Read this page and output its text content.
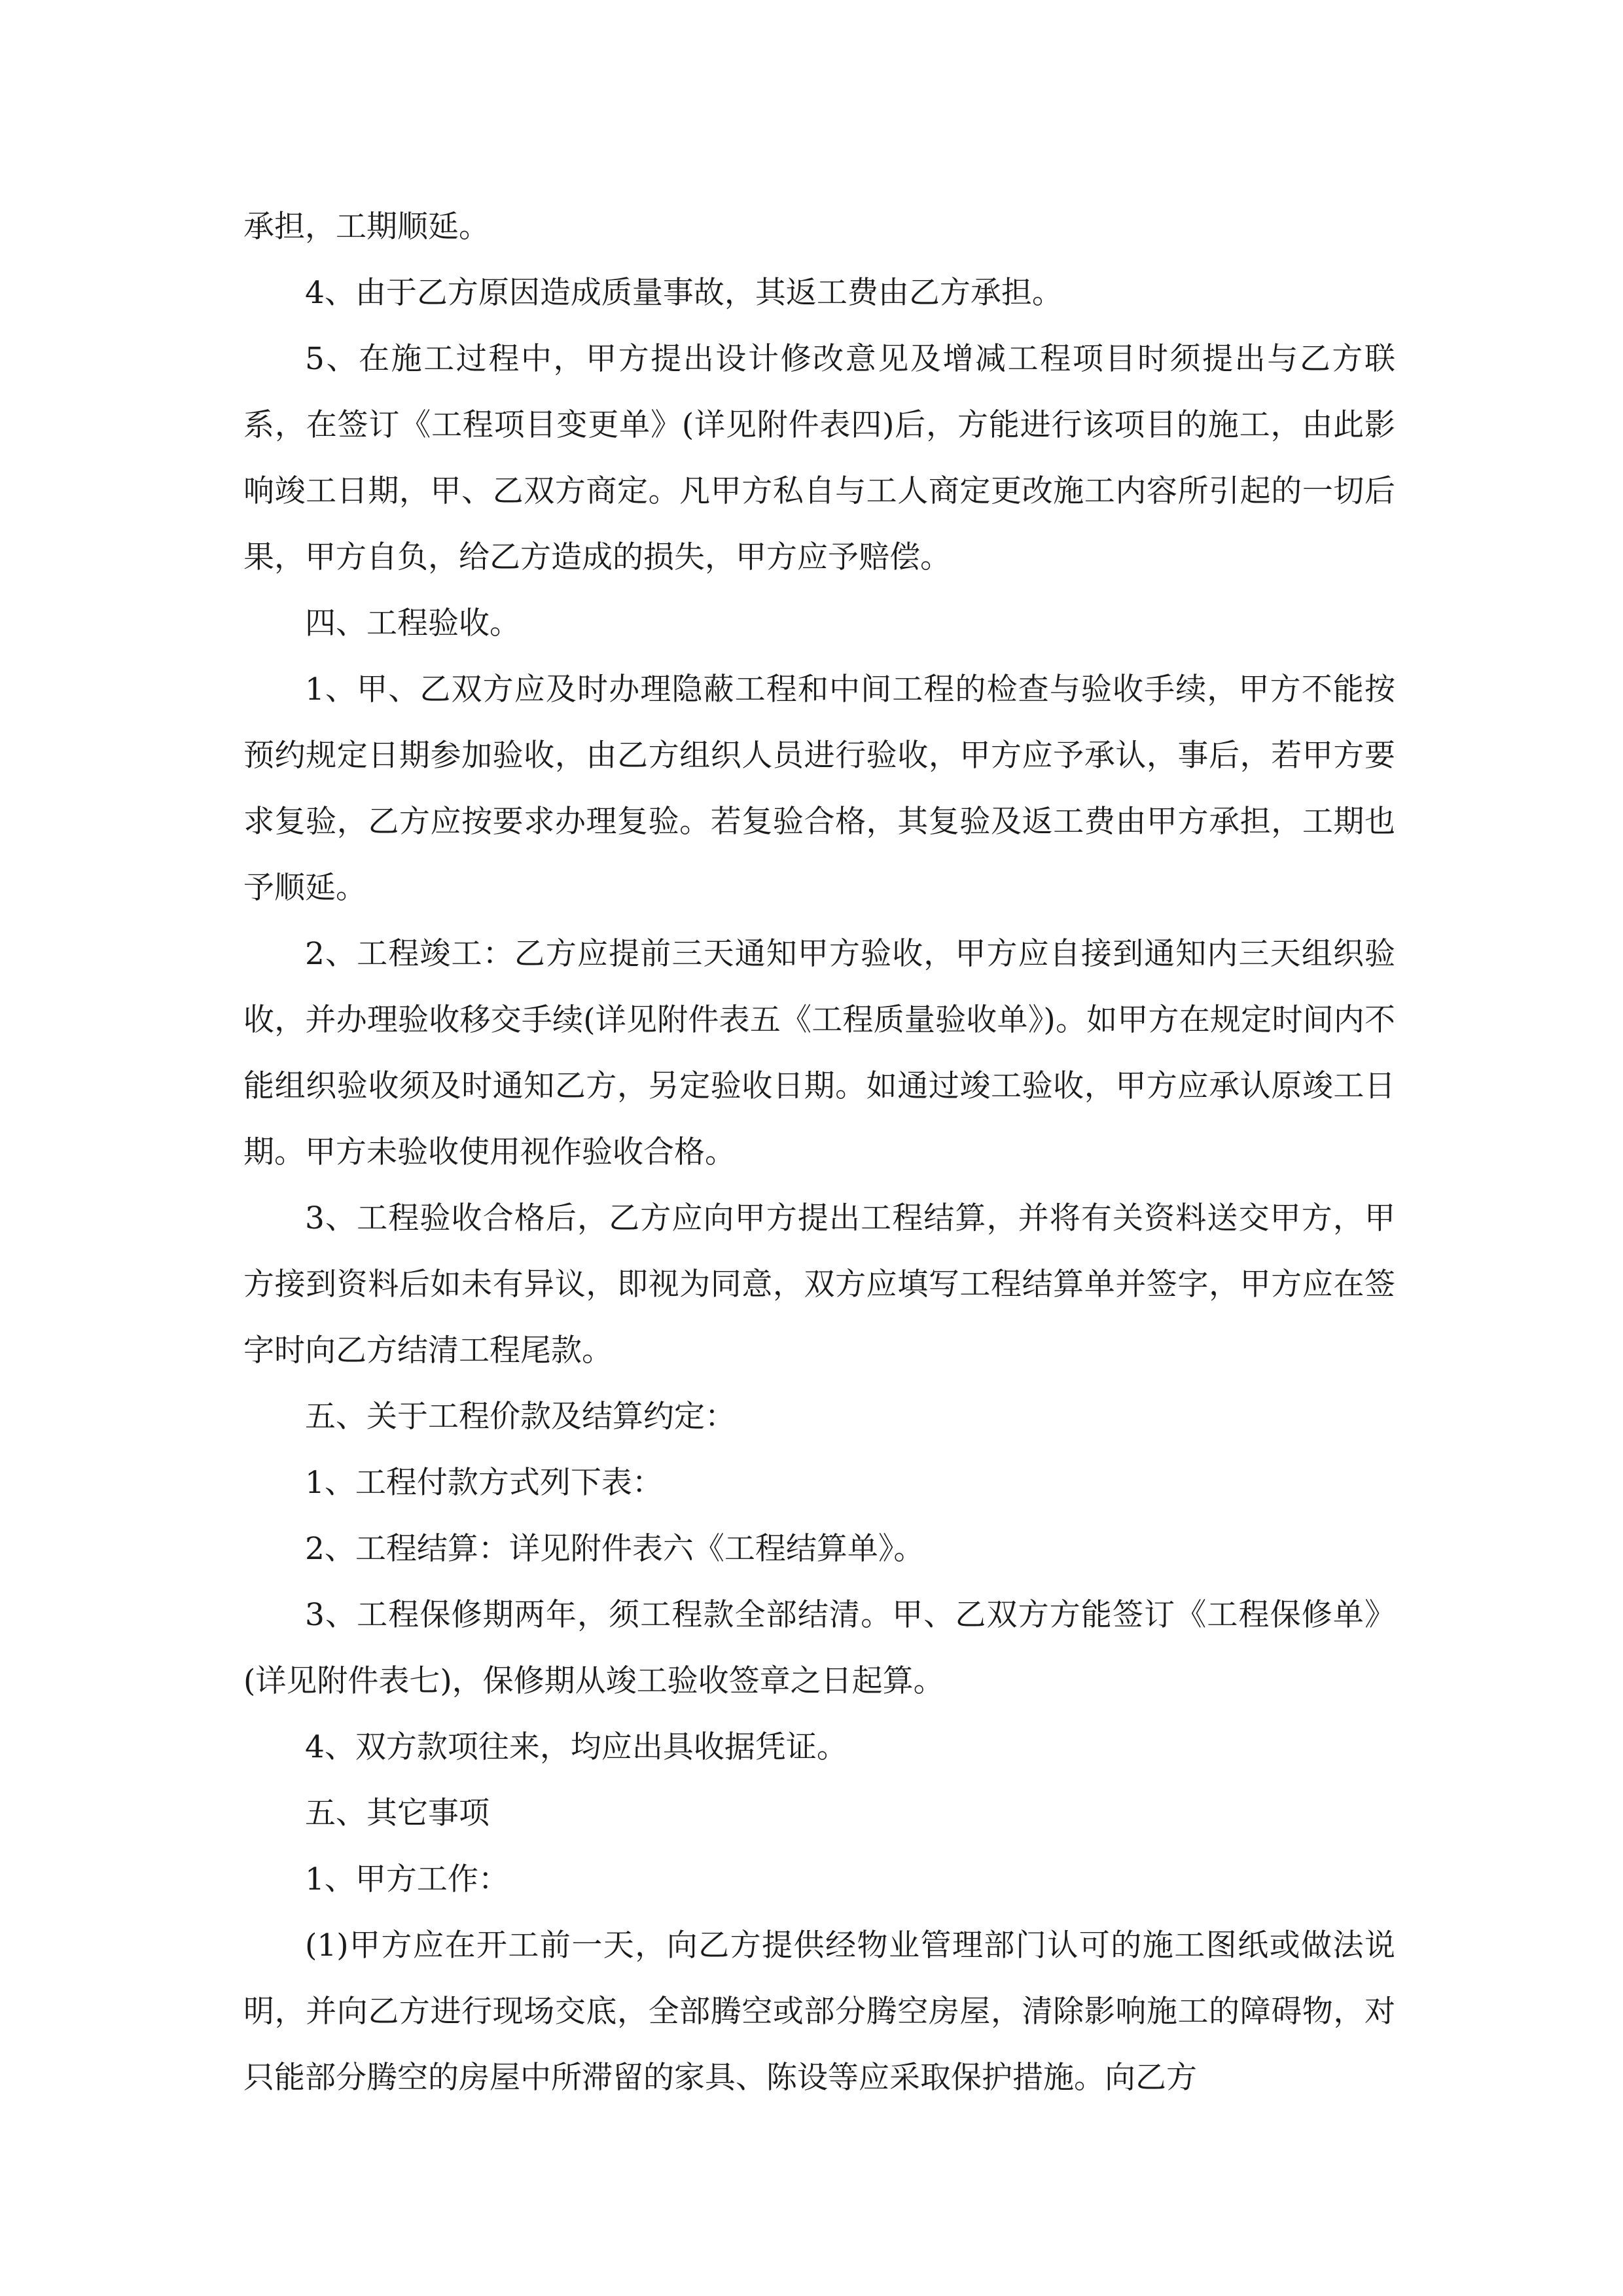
承担，工期顺延。

4、由于乙方原因造成质量事故，其返工费由乙方承担。

5、在施工过程中，甲方提出设计修改意见及增减工程项目时须提出与乙方联系，在签订《工程项目变更单》(详见附件表四)后，方能进行该项目的施工，由此影响竣工日期，甲、乙双方商定。凡甲方私自与工人商定更改施工内容所引起的一切后果，甲方自负，给乙方造成的损失，甲方应予赔偿。

四、工程验收。

1、甲、乙双方应及时办理隐蔽工程和中间工程的检查与验收手续，甲方不能按预约规定日期参加验收，由乙方组织人员进行验收，甲方应予承认，事后，若甲方要求复验，乙方应按要求办理复验。若复验合格，其复验及返工费由甲方承担，工期也予顺延。

2、工程竣工：乙方应提前三天通知甲方验收，甲方应自接到通知内三天组织验收，并办理验收移交手续(详见附件表五《工程质量验收单》)。如甲方在规定时间内不能组织验收须及时通知乙方，另定验收日期。如通过竣工验收，甲方应承认原竣工日期。甲方未验收使用视作验收合格。

3、工程验收合格后，乙方应向甲方提出工程结算，并将有关资料送交甲方，甲方接到资料后如未有异议，即视为同意，双方应填写工程结算单并签字，甲方应在签字时向乙方结清工程尾款。

五、关于工程价款及结算约定：

1、工程付款方式列下表：

2、工程结算：详见附件表六《工程结算单》。

3、工程保修期两年，须工程款全部结清。甲、乙双方方能签订《工程保修单》(详见附件表七)，保修期从竣工验收签章之日起算。

4、双方款项往来，均应出具收据凭证。

五、其它事项

1、甲方工作：

(1)甲方应在开工前一天，向乙方提供经物业管理部门认可的施工图纸或做法说明，并向乙方进行现场交底，全部腾空或部分腾空房屋，清除影响施工的障碍物，对只能部分腾空的房屋中所滞留的家具、陈设等应采取保护措施。向乙方
